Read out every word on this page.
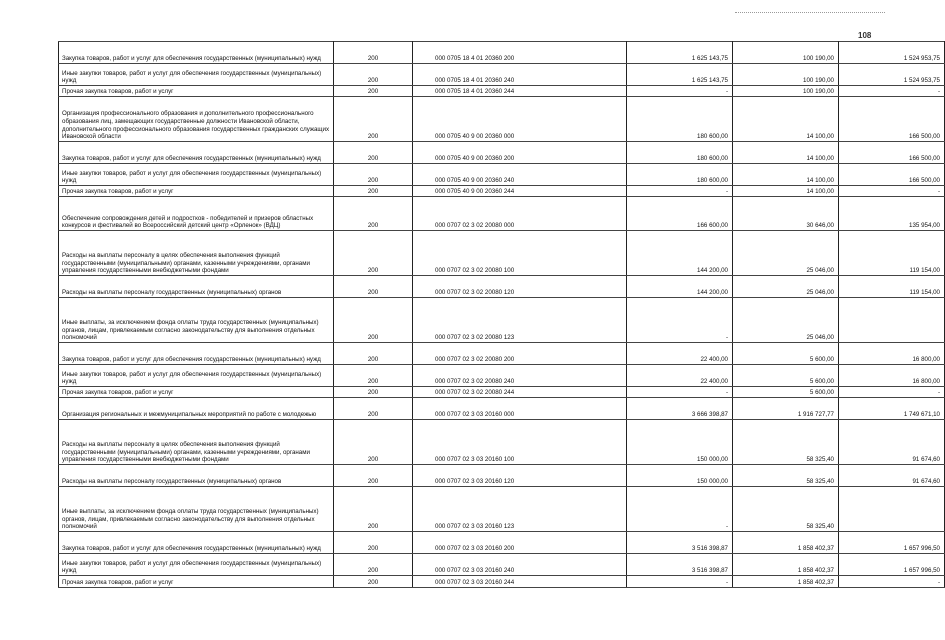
108
Закупка товаров, работ и услуг для обеспечения государственных (муниципальных) нужд	200	000 0705 18 4 01 20360 200	1 625 143,75	100 190,00	1 524 953,75
Иные закупки товаров, работ и услуг для обеспечения государственных (муниципальных) нужд	200	000 0705 18 4 01 20360 240	1 625 143,75	100 190,00	1 524 953,75
Прочая закупка товаров, работ и услуг	200	000 0705 18 4 01 20360 244	-	100 190,00	-
Организация профессионального образования и дополнительного профессионального образования лиц, замещающих государственные должности Ивановской области, дополнительного профессионального образования государственных гражданских служащих Ивановской области	200	000 0705 40 9 00 20360 000	180 600,00	14 100,00	166 500,00
Закупка товаров, работ и услуг для обеспечения государственных (муниципальных) нужд	200	000 0705 40 9 00 20360 200	180 600,00	14 100,00	166 500,00
Иные закупки товаров, работ и услуг для обеспечения государственных (муниципальных) нужд	200	000 0705 40 9 00 20360 240	180 600,00	14 100,00	166 500,00
Прочая закупка товаров, работ и услуг	200	000 0705 40 9 00 20360 244	-	14 100,00	-
Обеспечение сопровождения детей и подростков - победителей и призеров областных конкурсов и фестивалей во Всероссийский детский центр «Орленок» (ВДЦ)	200	000 0707 02 3 02 20080 000	166 600,00	30 646,00	135 954,00
Расходы на выплаты персоналу в целях обеспечения выполнения функций государственными (муниципальными) органами, казенными учреждениями, органами управления государственными внебюджетными фондами	200	000 0707 02 3 02 20080 100	144 200,00	25 046,00	119 154,00
Расходы на выплаты персоналу государственных (муниципальных) органов	200	000 0707 02 3 02 20080 120	144 200,00	25 046,00	119 154,00
Иные выплаты, за исключением фонда оплаты труда государственных (муниципальных) органов, лицам, привлекаемым согласно законодательству для выполнения отдельных полномочий	200	000 0707 02 3 02 20080 123	-	25 046,00	
Закупка товаров, работ и услуг для обеспечения государственных (муниципальных) нужд	200	000 0707 02 3 02 20080 200	22 400,00	5 600,00	16 800,00
Иные закупки товаров, работ и услуг для обеспечения государственных (муниципальных) нужд	200	000 0707 02 3 02 20080 240	22 400,00	5 600,00	16 800,00
Прочая закупка товаров, работ и услуг	200	000 0707 02 3 02 20080 244	-	5 600,00	-
Организация региональных и межмуниципальных мероприятий по работе с молодежью	200	000 0707 02 3 03 20160 000	3 666 398,87	1 916 727,77	1 749 671,10
Расходы на выплаты персоналу в целях обеспечения выполнения функций государственными (муниципальными) органами, казенными учреждениями, органами управления государственными внебюджетными фондами	200	000 0707 02 3 03 20160 100	150 000,00	58 325,40	91 674,60
Расходы на выплаты персоналу государственных (муниципальных) органов	200	000 0707 02 3 03 20160 120	150 000,00	58 325,40	91 674,60
Иные выплаты, за исключением фонда оплаты труда государственных (муниципальных) органов, лицам, привлекаемым согласно законодательству для выполнения отдельных полномочий	200	000 0707 02 3 03 20160 123	-	58 325,40	
Закупка товаров, работ и услуг для обеспечения государственных (муниципальных) нужд	200	000 0707 02 3 03 20160 200	3 516 398,87	1 858 402,37	1 657 996,50
Иные закупки товаров, работ и услуг для обеспечения государственных (муниципальных) нужд	200	000 0707 02 3 03 20160 240	3 516 398,87	1 858 402,37	1 657 996,50
Прочая закупка товаров, работ и услуг	200	000 0707 02 3 03 20160 244	-	1 858 402,37	-
